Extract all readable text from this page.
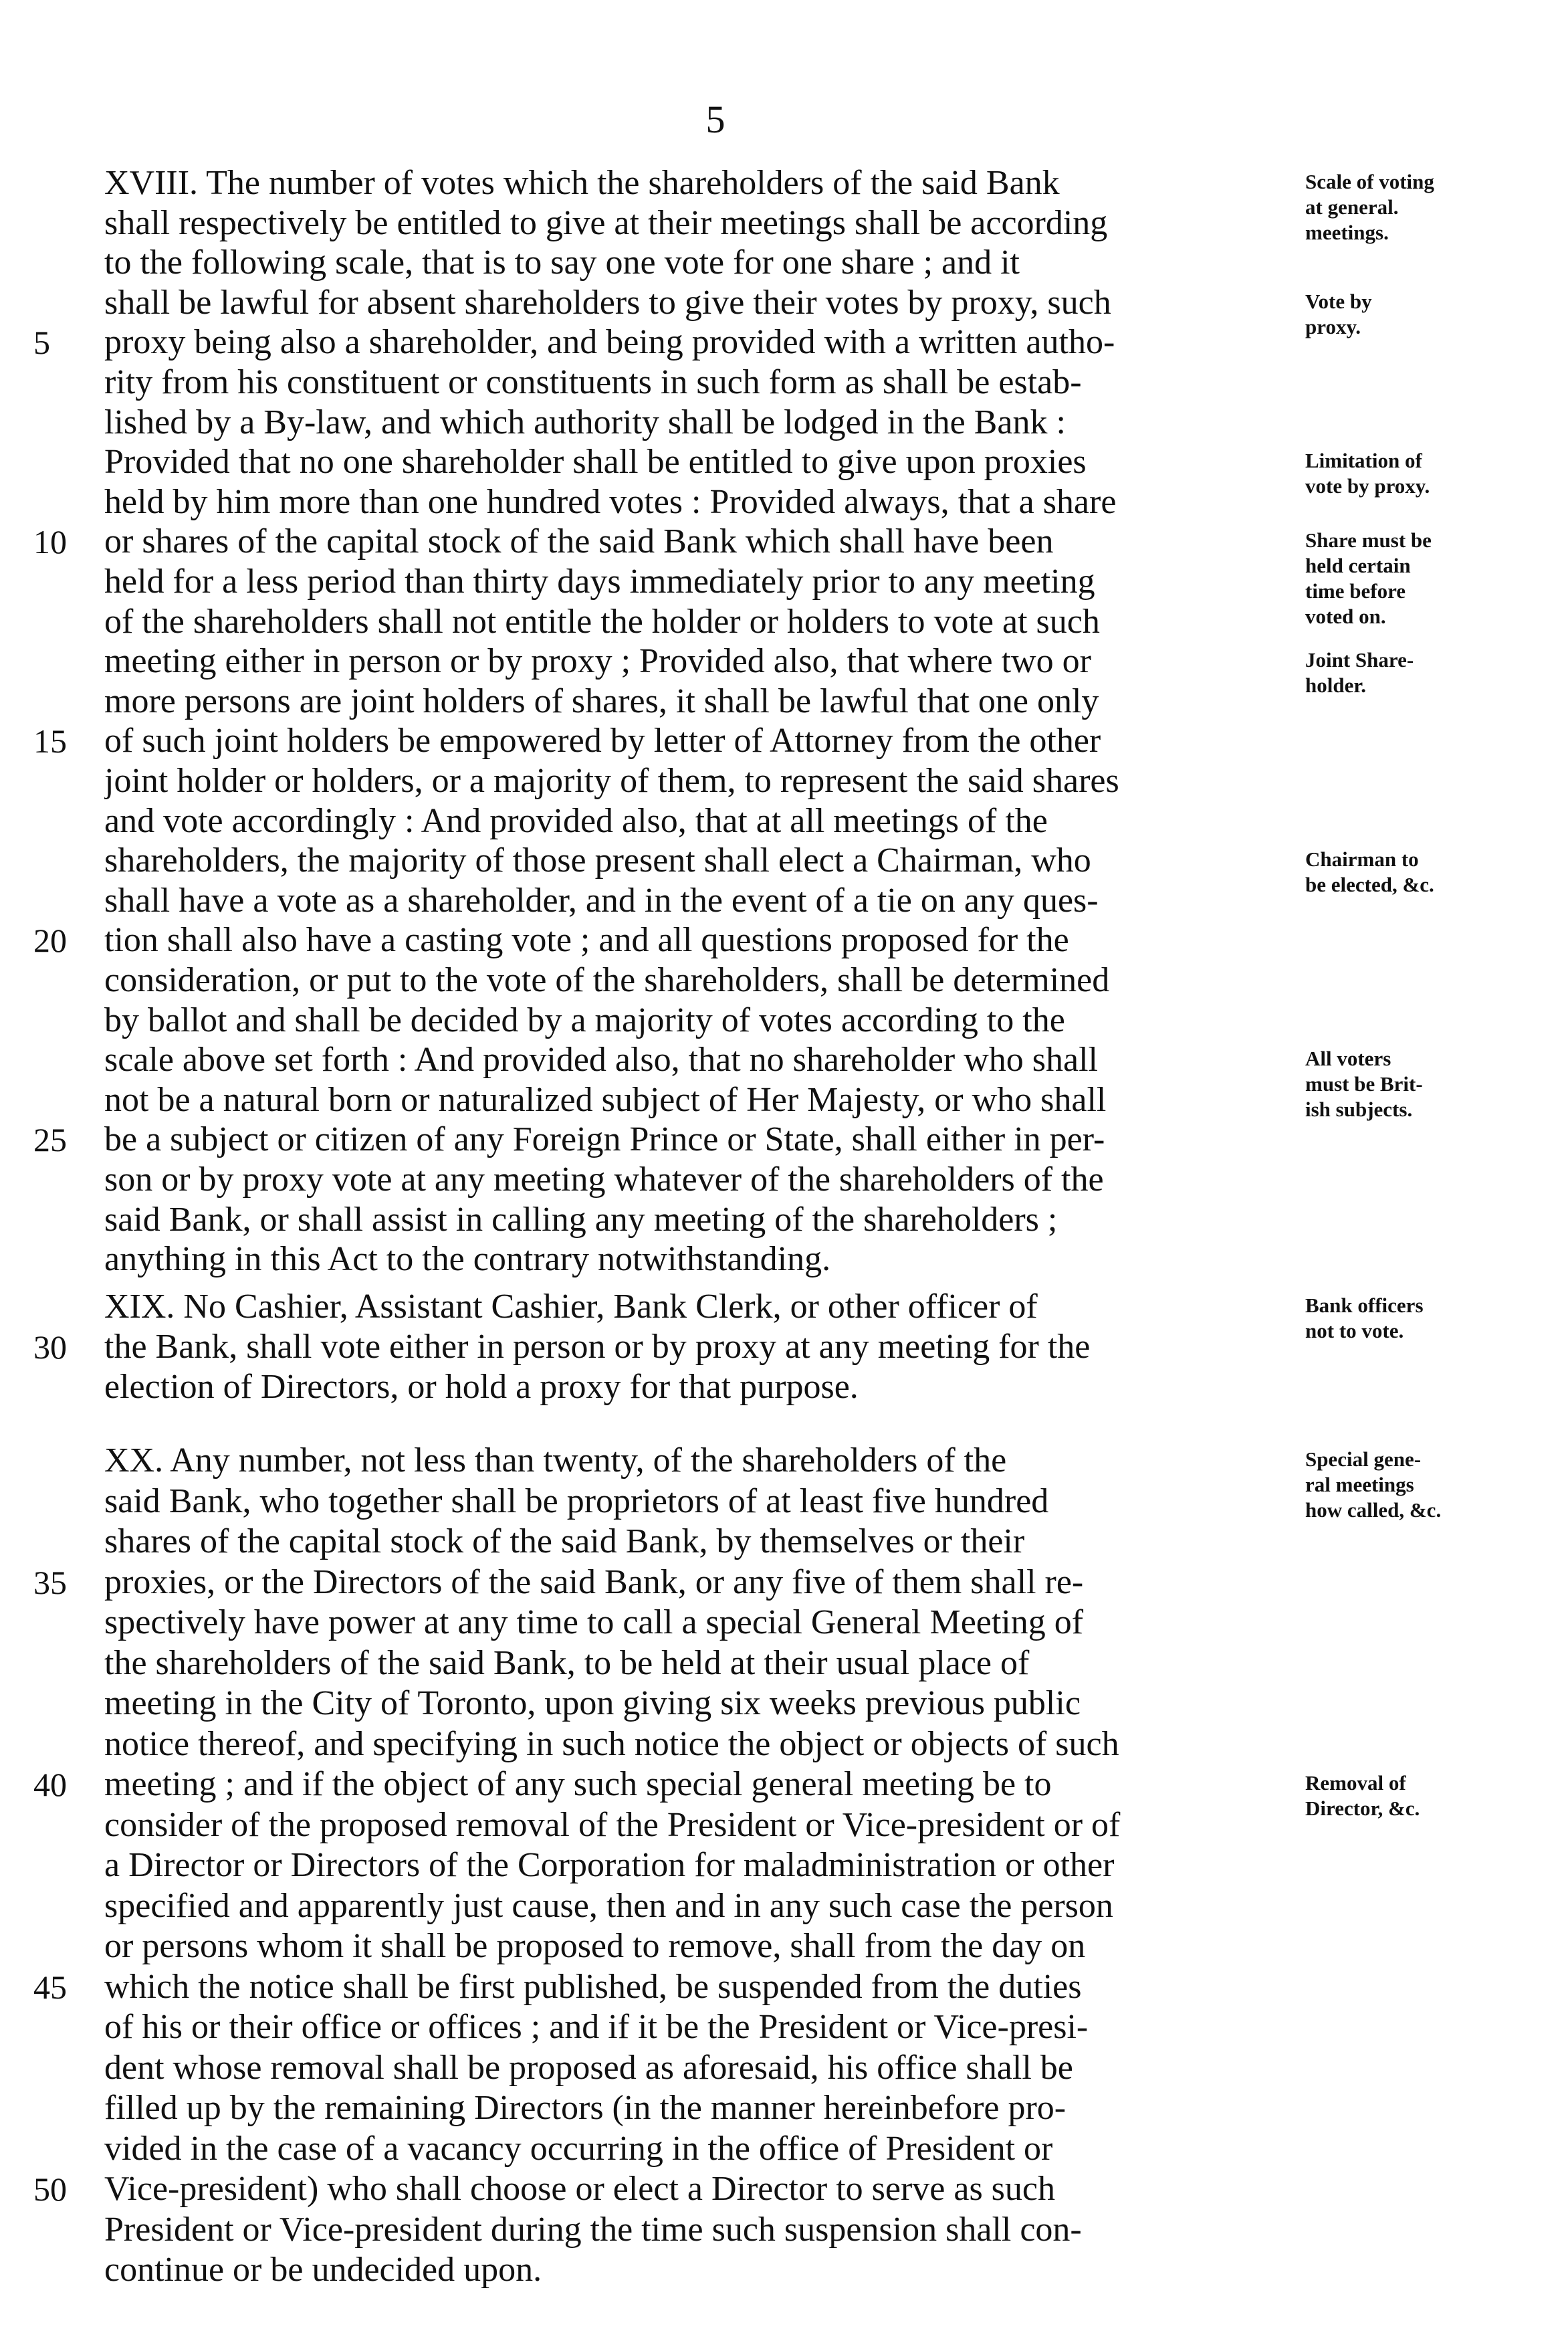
5
XVIII. The number of votes which the shareholders of the said Bank
shall respectively be entitled to give at their meetings shall be according
to the following scale, that is to say one vote for one share ; and it
shall be lawful for absent shareholders to give their votes by proxy, such
proxy being also a shareholder, and being provided with a written autho-
rity from his constituent or constituents in such form as shall be estab-
lished by a By-law, and which authority shall be lodged in the Bank :
Provided that no one shareholder shall be entitled to give upon proxies
held by him more than one hundred votes : Provided always, that a share
or shares of the capital stock of the said Bank which shall have been
held for a less period than thirty days immediately prior to any meeting
of the shareholders shall not entitle the holder or holders to vote at such
meeting either in person or by proxy ; Provided also, that where two or
more persons are joint holders of shares, it shall be lawful that one only
of such joint holders be empowered by letter of Attorney from the other
joint holder or holders, or a majority of them, to represent the said shares
and vote accordingly : And provided also, that at all meetings of the
shareholders, the majority of those present shall elect a Chairman, who
shall have a vote as a shareholder, and in the event of a tie on any ques-
tion shall also have a casting vote ; and all questions proposed for the
consideration, or put to the vote of the shareholders, shall be determined
by ballot and shall be decided by a majority of votes according to the
scale above set forth : And provided also, that no shareholder who shall
not be a natural born or naturalized subject of Her Majesty, or who shall
be a subject or citizen of any Foreign Prince or State, shall either in per-
son or by proxy vote at any meeting whatever of the shareholders of the
said Bank, or shall assist in calling any meeting of the shareholders ;
anything in this Act to the contrary notwithstanding.
5
10
15
20
25
Scale of voting
at general.
meetings.
Vote by
proxy.
Limitation of
vote by proxy.
Share must be
held certain
time before
voted on.
Joint Share-
holder.
Chairman to
be elected, &c.
All voters
must be Brit-
ish subjects.
XIX. No Cashier, Assistant Cashier, Bank Clerk, or other officer of
the Bank, shall vote either in person or by proxy at any meeting for the
election of Directors, or hold a proxy for that purpose.
30
Bank officers
not to vote.
XX. Any number, not less than twenty, of the shareholders of the
said Bank, who together shall be proprietors of at least five hundred
shares of the capital stock of the said Bank, by themselves or their
proxies, or the Directors of the said Bank, or any five of them shall re-
spectively have power at any time to call a special General Meeting of
the shareholders of the said Bank, to be held at their usual place of
meeting in the City of Toronto, upon giving six weeks previous public
notice thereof, and specifying in such notice the object or objects of such
meeting ; and if the object of any such special general meeting be to
consider of the proposed removal of the President or Vice-president or of
a Director or Directors of the Corporation for maladministration or other
specified and apparently just cause, then and in any such case the person
or persons whom it shall be proposed to remove, shall from the day on
which the notice shall be first published, be suspended from the duties
of his or their office or offices ; and if it be the President or Vice-presi-
dent whose removal shall be proposed as aforesaid, his office shall be
filled up by the remaining Directors (in the manner hereinbefore pro-
vided in the case of a vacancy occurring in the office of President or
Vice-president) who shall choose or elect a Director to serve as such
President or Vice-president during the time such suspension shall con-
continue or be undecided upon.
35
40
45
50
Special gene-
ral meetings
how called, &c.
Removal of
Director, &c.
